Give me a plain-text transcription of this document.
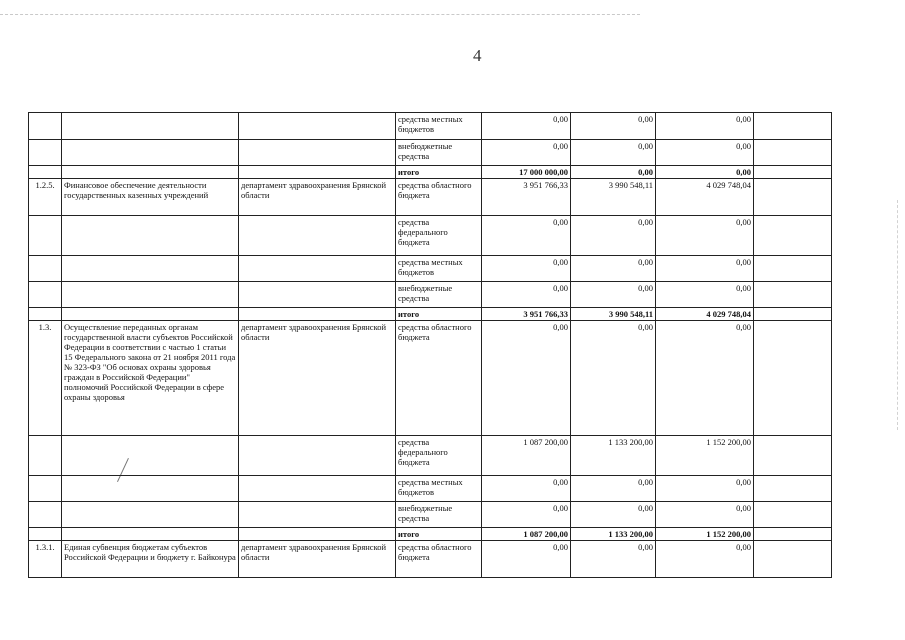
4
			средства местных бюджетов	0,00	0,00	0,00	
			внебюджетные средства	0,00	0,00	0,00	
			итого	17 000 000,00	0,00	0,00	
1.2.5.	Финансовое обеспечение деятельности государственных казенных учреждений	департамент здравоохранения Брянской области	средства областного бюджета	3 951 766,33	3 990 548,11	4 029 748,04	
			средства федерального бюджета	0,00	0,00	0,00	
			средства местных бюджетов	0,00	0,00	0,00	
			внебюджетные средства	0,00	0,00	0,00	
			итого	3 951 766,33	3 990 548,11	4 029 748,04	
1.3.	Осуществление переданных органам государственной власти субъектов Российской Федерации в соответствии с частью 1 статьи 15 Федерального закона от 21 ноября 2011 года № 323-ФЗ "Об основах охраны здоровья граждан в Российской Федерации" полномочий Российской Федерации в сфере охраны здоровья	департамент здравоохранения Брянской области	средства областного бюджета	0,00	0,00	0,00	
			средства федерального бюджета	1 087 200,00	1 133 200,00	1 152 200,00	
			средства местных бюджетов	0,00	0,00	0,00	
			внебюджетные средства	0,00	0,00	0,00	
			итого	1 087 200,00	1 133 200,00	1 152 200,00	
1.3.1.	Единая субвенция бюджетам субъектов Российской Федерации и бюджету г. Байконура	департамент здравоохранения Брянской области	средства областного бюджета	0,00	0,00	0,00	
